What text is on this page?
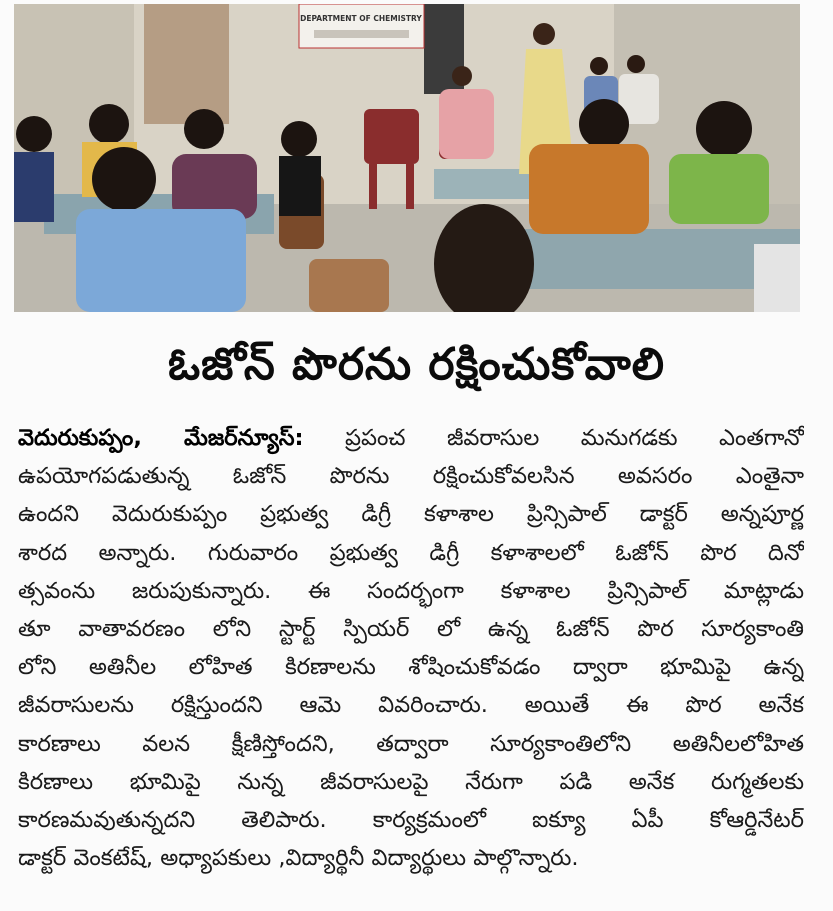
DEPARTMENT OF CHEMISTRY
ఓజోన్ పొరను రక్షించుకోవాలి
వెదురుకుప్పం, మేజర్‌న్యూస్: ప్రపంచ జీవరాసుల మనుగడకు ఎంతగానో
ఉపయోగపడుతున్న ఓజోన్ పొరను రక్షించుకోవలసిన అవసరం ఎంతైనా
ఉందని వెదురుకుప్పం ప్రభుత్వ డిగ్రీ కళాశాల ప్రిన్సిపాల్ డాక్టర్ అన్నపూర్ణ
శారద అన్నారు. గురువారం ప్రభుత్వ డిగ్రీ కళాశాలలో ఓజోన్ పొర దినో
త్సవంను జరుపుకున్నారు. ఈ సందర్భంగా కళాశాల ప్రిన్సిపాల్ మాట్లాడు
తూ వాతావరణం లోని స్టార్ట్ స్పియర్ లో ఉన్న ఓజోన్ పొర సూర్యకాంతి
లోని అతినీల లోహిత కిరణాలను శోషించుకోవడం ద్వారా భూమిపై ఉన్న
జీవరాసులను రక్షిస్తుందని ఆమె వివరించారు. అయితే ఈ పొర అనేక
కారణాలు వలన క్షీణిస్తోందని, తద్వారా సూర్యకాంతిలోని అతినీలలోహిత
కిరణాలు భూమిపై నున్న జీవరాసులపై నేరుగా పడి అనేక రుగ్మతలకు
కారణమవుతున్నదని తెలిపారు. కార్యక్రమంలో ఐక్యూ ఏపీ కోఆర్డినేటర్
డాక్టర్ వెంకటేష్, అధ్యాపకులు ,విద్యార్థినీ విద్యార్థులు పాల్గొన్నారు.
